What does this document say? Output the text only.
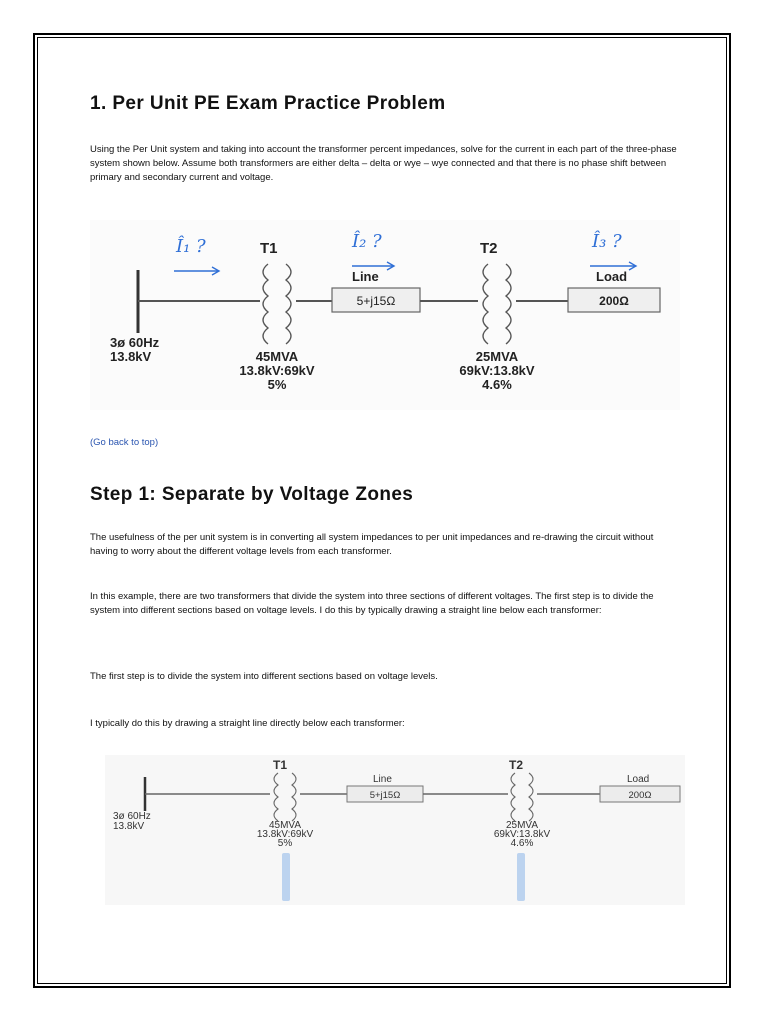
1. Per Unit PE Exam Practice Problem

Using the Per Unit system and taking into account the transformer percent impedances, solve for the current in each part of the three-phase system shown below. Assume both transformers are either delta – delta or wye – wye connected and that there is no phase shift between primary and secondary current and voltage.

3ø 60Hz
13.8kV
T1
45MVA
13.8kV:69kV
5%
5+j15Ω
Line
T2
25MVA
69kV:13.8kV
4.6%
200Ω
Load
Î₁ ?	Î₂ ?	Î₃ ?
(Go back to top)
Step 1: Separate by Voltage Zones

The usefulness of the per unit system is in converting all system impedances to per unit impedances and re-drawing the circuit without having to worry about the different voltage levels from each transformer.

In this example, there are two transformers that divide the system into three sections of different voltages. The first step is to divide the system into different sections based on voltage levels. I do this by typically drawing a straight line below each transformer:

The first step is to divide the system into different sections based on voltage levels.

I typically do this by drawing a straight line directly below each transformer:

3ø 60Hz
13.8kV
T1
45MVA
13.8kV:69kV
5%
5+j15Ω
Line
T2
25MVA
69kV:13.8kV
4.6%
200Ω
Load
